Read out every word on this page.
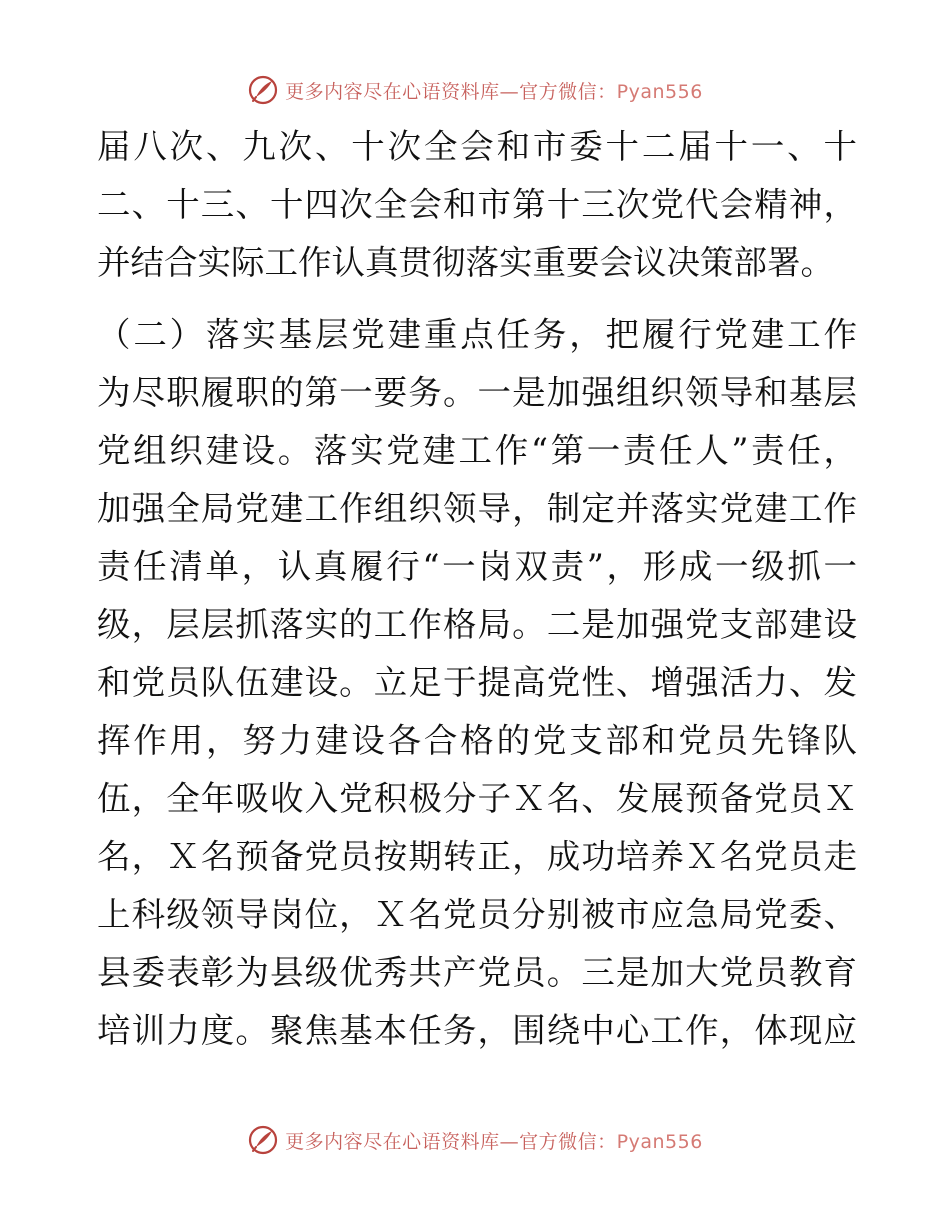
更多内容尽在心语资料库—官方微信：Pyan556
届八次、九次、十次全会和市委十二届十一、十
二、十三、十四次全会和市第十三次党代会精神，
并结合实际工作认真贯彻落实重要会议决策部署。
（二）落实基层党建重点任务，把履行党建工作
为尽职履职的第一要务。一是加强组织领导和基层
党组织建设。落实党建工作“第一责任人”责任，
加强全局党建工作组织领导，制定并落实党建工作
责任清单，认真履行“一岗双责”，形成一级抓一
级，层层抓落实的工作格局。二是加强党支部建设
和党员队伍建设。立足于提高党性、增强活力、发
挥作用，努力建设各合格的党支部和党员先锋队
伍，全年吸收入党积极分子Ｘ名、发展预备党员Ｘ
名，Ｘ名预备党员按期转正，成功培养Ｘ名党员走
上科级领导岗位，Ｘ名党员分别被市应急局党委、
县委表彰为县级优秀共产党员。三是加大党员教育
培训力度。聚焦基本任务，围绕中心工作，体现应
更多内容尽在心语资料库—官方微信：Pyan556
